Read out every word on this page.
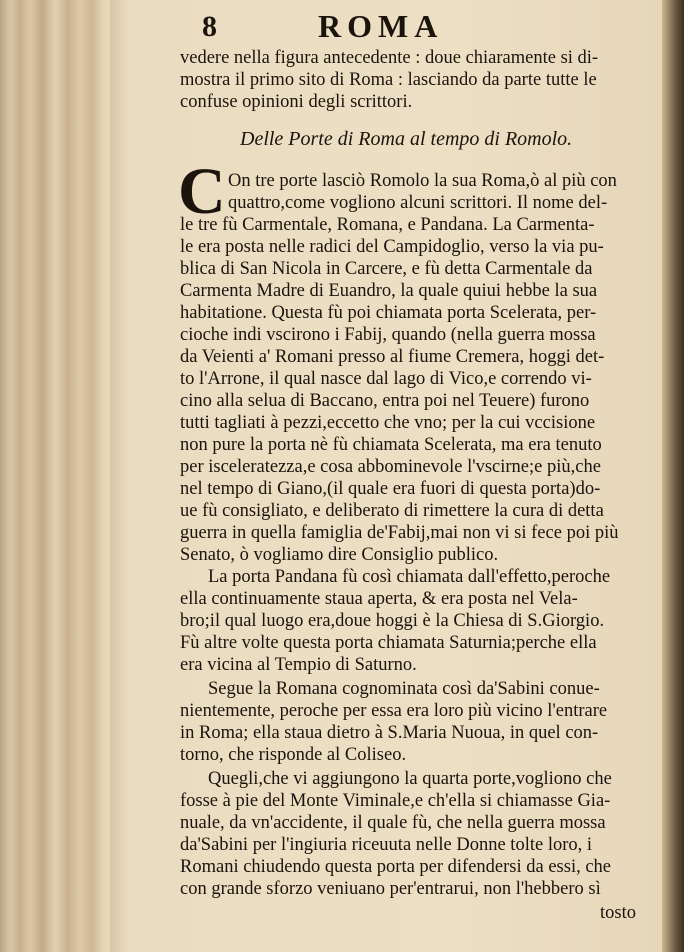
8	ROMA
vedere nella figura antecedente : doue chiaramente si di-
mostra il primo sito di Roma : lasciando da parte tutte le
confuse opinioni degli scrittori.
Delle Porte di Roma al tempo di Romolo.
C On tre porte lasciò Romolo la sua Roma,ò al più con
quattro,come vogliono alcuni scrittori. Il nome del-
le tre fù Carmentale, Romana, e Pandana. La Carmenta-
le era posta nelle radici del Campidoglio, verso la via pu-
blica di San Nicola in Carcere, e fù detta Carmentale da
Carmenta Madre di Euandro, la quale quiui hebbe la sua
habitatione. Questa fù poi chiamata porta Scelerata, per-
cioche indi vscirono i Fabij, quando (nella guerra mossa
da Veienti a' Romani presso al fiume Cremera, hoggi det-
to l'Arrone, il qual nasce dal lago di Vico,e correndo vi-
cino alla selua di Baccano, entra poi nel Teuere) furono
tutti tagliati à pezzi,eccetto che vno; per la cui vccisione
non pure la porta nè fù chiamata Scelerata, ma era tenuto
per isceleratezza,e cosa abbominevole l'vscirne;e più,che
nel tempo di Giano,(il quale era fuori di questa porta)do-
ue fù consigliato, e deliberato di rimettere la cura di detta
guerra in quella famiglia de'Fabij,mai non vi si fece poi più
Senato, ò vogliamo dire Consiglio publico.
La porta Pandana fù così chiamata dall'effetto,peroche
ella continuamente staua aperta, & era posta nel Vela-
bro;il qual luogo era,doue hoggi è la Chiesa di S.Giorgio.
Fù altre volte questa porta chiamata Saturnia;perche ella
era vicina al Tempio di Saturno.
Segue la Romana cognominata così da'Sabini conue-
nientemente, peroche per essa era loro più vicino l'entrare
in Roma; ella staua dietro à S.Maria Nuoua, in quel con-
torno, che risponde al Coliseo.
Quegli,che vi aggiungono la quarta porte,vogliono che
fosse à pie del Monte Viminale,e ch'ella si chiamasse Gia-
nuale, da vn'accidente, il quale fù, che nella guerra mossa
da'Sabini per l'ingiuria riceuuta nelle Donne tolte loro, i
Romani chiudendo questa porta per difendersi da essi, che
con grande sforzo veniuano per'entrarui, non l'hebbero sì
tosto
